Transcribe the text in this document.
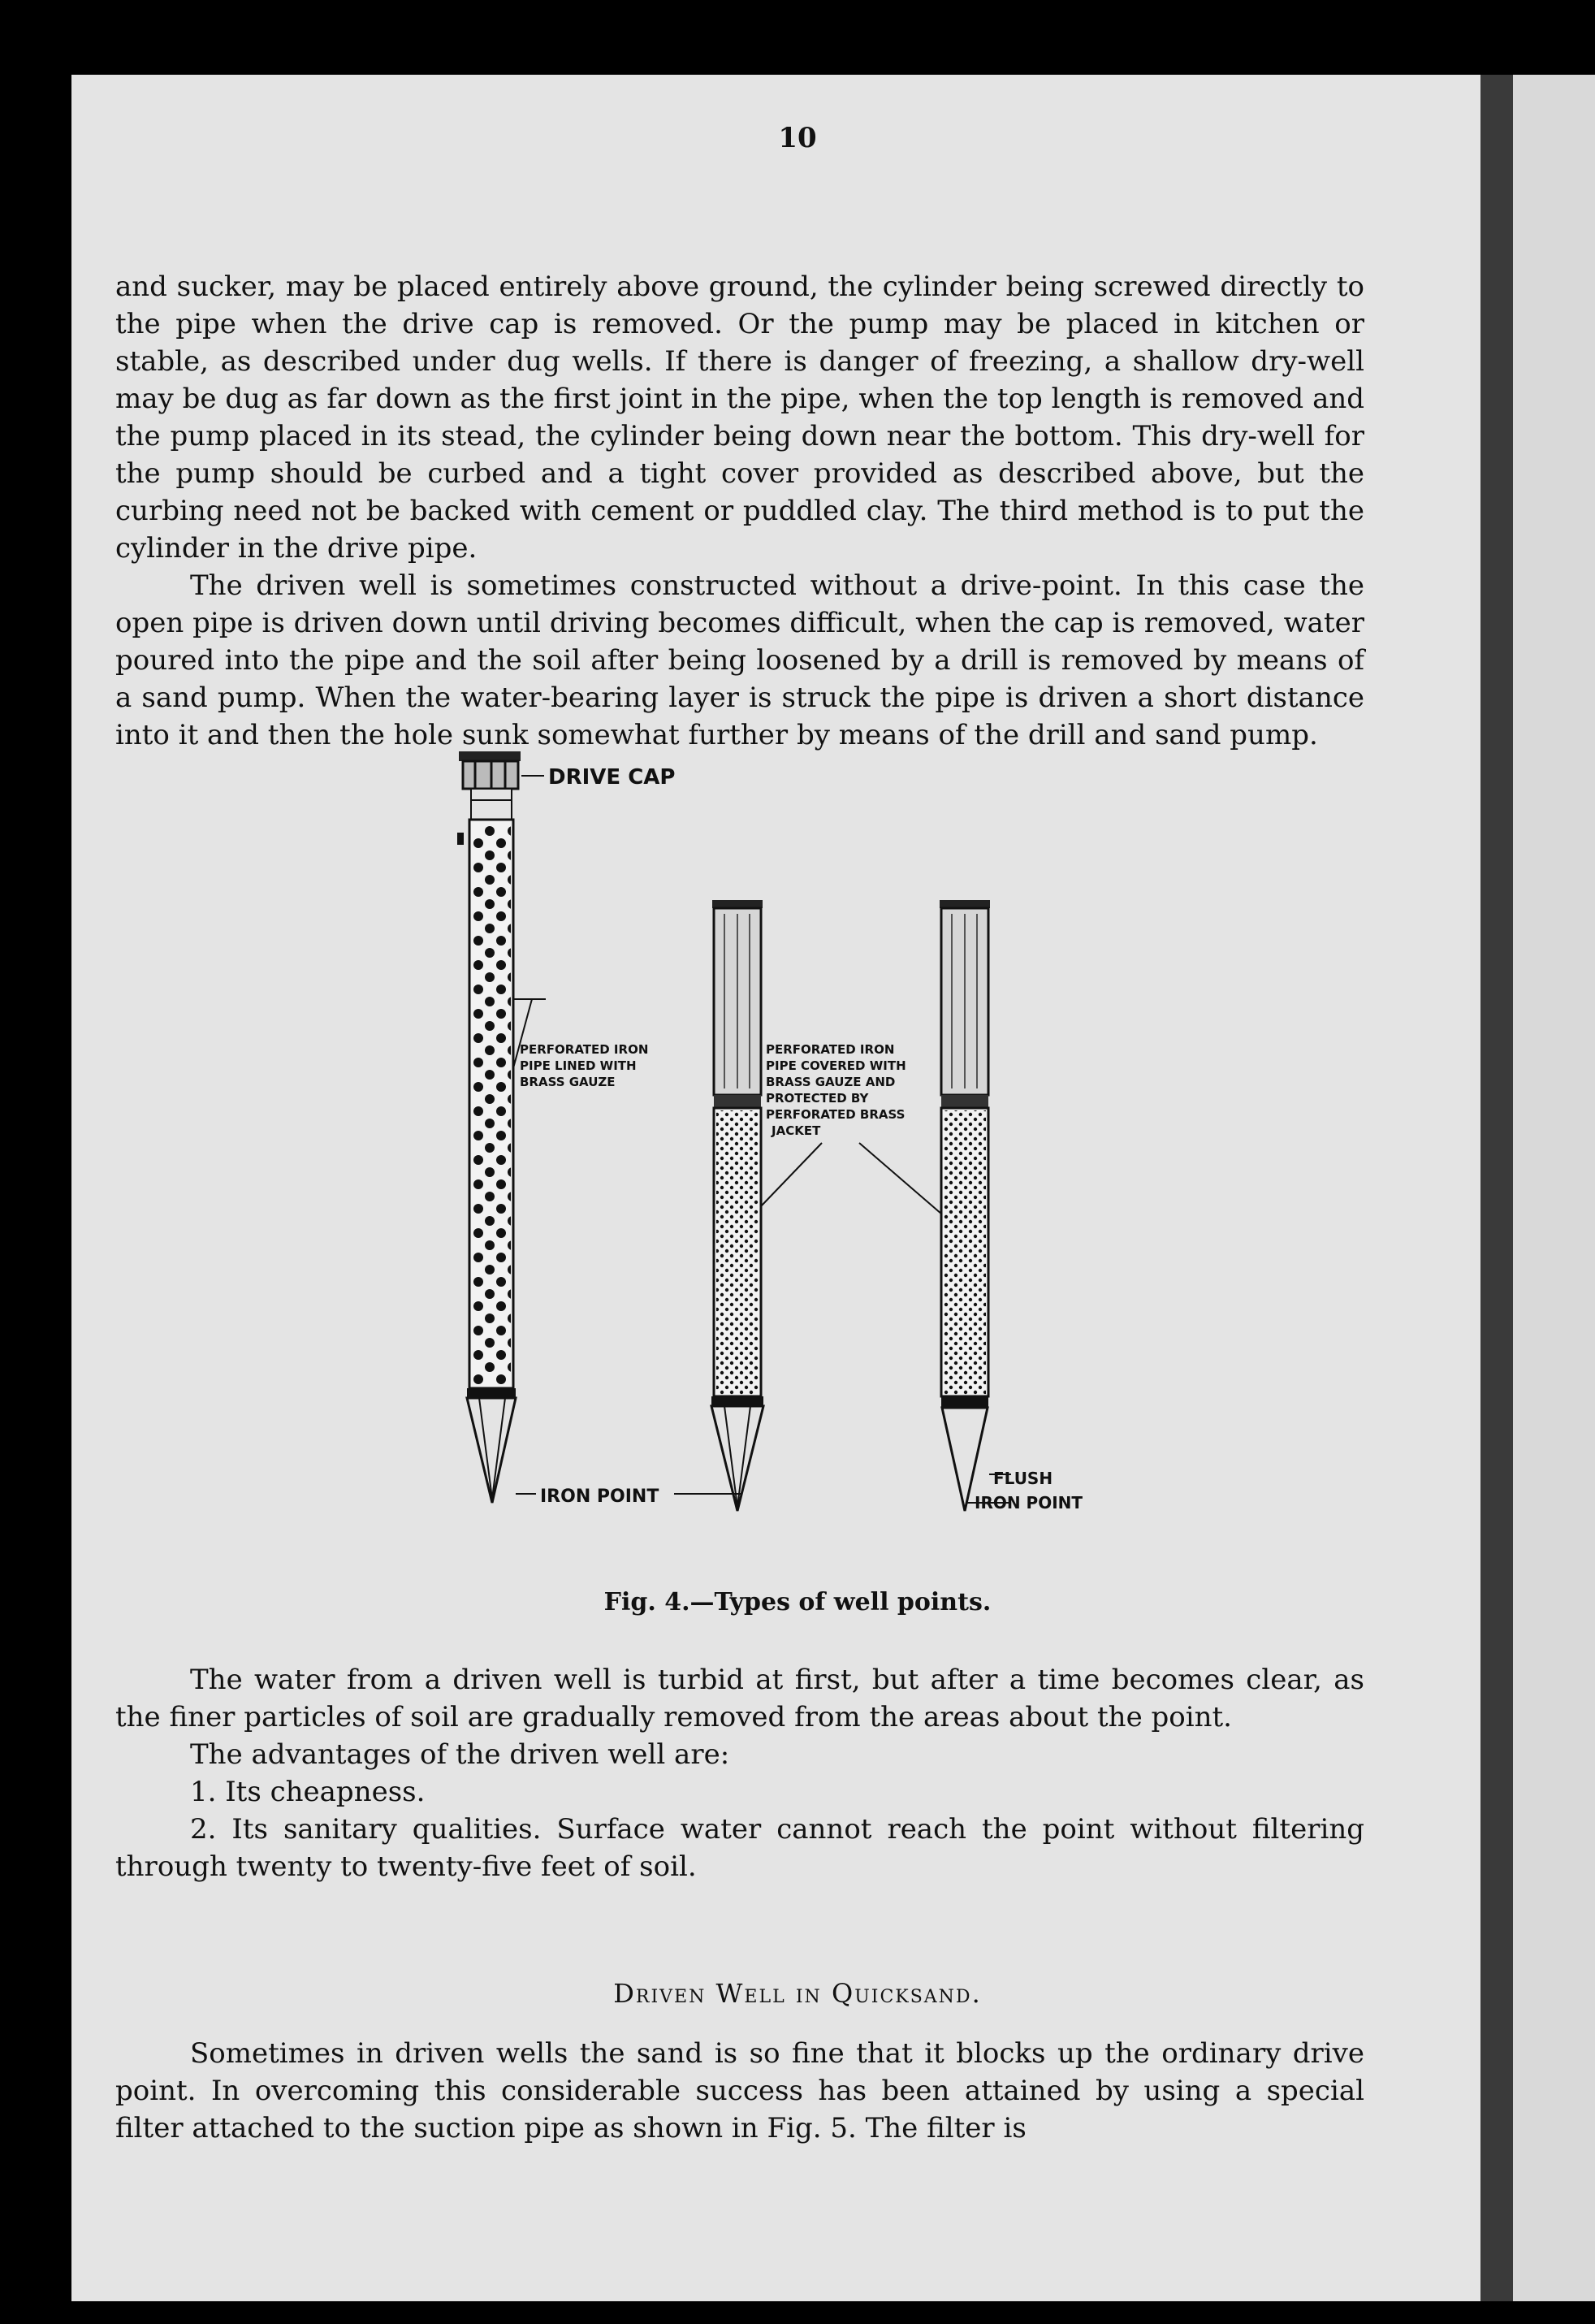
10

and sucker, may be placed entirely above ground, the cylinder being screwed directly to the pipe when the drive cap is removed. Or the pump may be placed in kitchen or stable, as described under dug wells. If there is danger of freezing, a shallow dry-well may be dug as far down as the first joint in the pipe, when the top length is removed and the pump placed in its stead, the cylinder being down near the bottom. This dry-well for the pump should be curbed and a tight cover provided as described above, but the curbing need not be backed with cement or puddled clay. The third method is to put the cylinder in the drive pipe.

The driven well is sometimes constructed without a drive-point. In this case the open pipe is driven down until driving becomes difficult, when the cap is removed, water poured into the pipe and the soil after being loosened by a drill is removed by means of a sand pump. When the water-bearing layer is struck the pipe is driven a short distance into it and then the hole sunk somewhat further by means of the drill and sand pump.

DRIVE CAP
PERFORATED IRON
PIPE LINED WITH
BRASS GAUZE
PERFORATED IRON
PIPE COVERED WITH
BRASS GAUZE AND
PROTECTED BY
PERFORATED BRASS
JACKET
IRON POINT
FLUSH
IRON POINT
Fig. 4.—Types of well points.

The water from a driven well is turbid at first, but after a time becomes clear, as the finer particles of soil are gradually removed from the areas about the point.

The advantages of the driven well are:

1. Its cheapness.

2. Its sanitary qualities. Surface water cannot reach the point without filtering through twenty to twenty-five feet of soil.

Driven Well in Quicksand.

Sometimes in driven wells the sand is so fine that it blocks up the ordinary drive point. In overcoming this considerable success has been attained by using a special filter attached to the suction pipe as shown in Fig. 5. The filter is
